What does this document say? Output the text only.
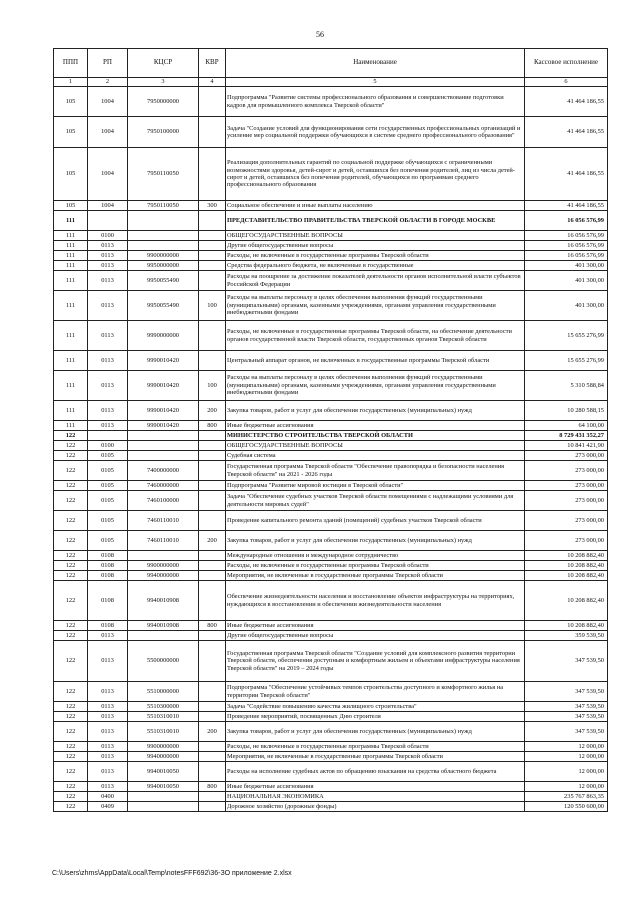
56
ППП	РП	КЦСР	КВР	Наименование	Кассовое исполнение
1	2	3	4	5	6
105	1004	7950000000		Подпрограмма "Развитие системы профессионального образования и совершенствование подготовки кадров для промышленного комплекса Тверской области"	41 464 186,55
105	1004	7950100000		Задача "Создание условий для функционирования сети государственных профессиональных организаций и усиление мер социальной поддержки обучающихся в системе среднего профессионального образования"	41 464 186,55
105	1004	7950110050		Реализация дополнительных гарантий по социальной поддержке обучающихся с ограниченными возможностями здоровья, детей-сирот и детей, оставшихся без попечения родителей, лиц из числа детей-сирот и детей, оставшихся без попечения родителей, обучающихся по программам среднего профессионального образования	41 464 186,55
105	1004	7950110050	300	Социальное обеспечение и иные выплаты населению	41 464 186,55
111				ПРЕДСТАВИТЕЛЬСТВО ПРАВИТЕЛЬСТВА ТВЕРСКОЙ ОБЛАСТИ В ГОРОДЕ МОСКВЕ	16 056 576,99
111	0100			ОБЩЕГОСУДАРСТВЕННЫЕ ВОПРОСЫ	16 056 576,99
111	0113			Другие общегосударственные вопросы	16 056 576,99
111	0113	9900000000		Расходы, не включенные в государственные программы Тверской области	16 056 576,99
111	0113	9950000000		Средства федерального бюджета, не включенные в государственные	401 300,00
111	0113	9950055490		Расходы на поощрение за достижение показателей деятельности органов исполнительной власти субъектов Российской Федерации	401 300,00
111	0113	9950055490	100	Расходы на выплаты персоналу в целях обеспечения выполнения функций государственными (муниципальными) органами, казенными учреждениями, органами управления государственными внебюджетными фондами	401 300,00
111	0113	9990000000		Расходы, не включенные в государственные программы Тверской области, на обеспечение деятельности органов государственной власти Тверской области, государственных органов Тверской области	15 655 276,99
111	0113	9990010420		Центральный аппарат органов, не включенных в государственные программы Тверской области	15 655 276,99
111	0113	9990010420	100	Расходы на выплаты персоналу в целях обеспечения выполнения функций государственными (муниципальными) органами, казенными учреждениями, органами управления государственными внебюджетными фондами	5 310 588,84
111	0113	9990010420	200	Закупка товаров, работ и услуг для обеспечения государственных (муниципальных) нужд	10 280 588,15
111	0113	9990010420	800	Иные бюджетные ассигнования	64 100,00
122				МИНИСТЕРСТВО СТРОИТЕЛЬСТВА ТВЕРСКОЙ ОБЛАСТИ	8 729 431 352,27
122	0100			ОБЩЕГОСУДАРСТВЕННЫЕ ВОПРОСЫ	10 841 421,90
122	0105			Судебная система	273 000,00
122	0105	7400000000		Государственная программа Тверской области "Обеспечение правопорядка и безопасности населения Тверской области" на 2021 - 2026 годы	273 000,00
122	0105	7460000000		Подпрограмма "Развитие мировой юстиции в Тверской области"	273 000,00
122	0105	7460100000		Задача "Обеспечение судебных участков Тверской области помещениями с надлежащими условиями для деятельности мировых судей"	273 000,00
122	0105	7460110010		Проведение капитального ремонта зданий (помещений) судебных участков Тверской области	273 000,00
122	0105	7460110010	200	Закупка товаров, работ и услуг для обеспечения государственных (муниципальных) нужд	273 000,00
122	0108			Международные отношения и международное сотрудничество	10 208 882,40
122	0108	9900000000		Расходы, не включенные в государственные программы Тверской области	10 208 882,40
122	0108	9940000000		Мероприятия, не включенные в государственные программы Тверской области	10 208 882,40
122	0108	9940010908		Обеспечение жизнедеятельности населения и восстановление объектов инфраструктуры на территориях, нуждающихся в восстановлении и обеспечении жизнедеятельности населения	10 208 882,40
122	0108	9940010908	800	Иные бюджетные ассигнования	10 208 882,40
122	0113			Другие общегосударственные вопросы	359 539,50
122	0113	5500000000		Государственная программа Тверской области "Создание условий для комплексного развития территории Тверской области, обеспечения доступным и комфортным жильем и объектами инфраструктуры населения Тверской области" на 2019 – 2024 годы	347 539,50
122	0113	5510000000		Подпрограмма "Обеспечение устойчивых темпов строительства доступного и комфортного жилья на территории Тверской области"	347 539,50
122	0113	5510300000		Задача "Содействие повышению качества жилищного строительства"	347 539,50
122	0113	5510310010		Проведение мероприятий, посвященных Дню строителя	347 539,50
122	0113	5510310010	200	Закупка товаров, работ и услуг для обеспечения государственных (муниципальных) нужд	347 539,50
122	0113	9900000000		Расходы, не включенные в государственные программы Тверской области	12 000,00
122	0113	9940000000		Мероприятия, не включенные в государственные программы Тверской области	12 000,00
122	0113	9940010050		Расходы на исполнение судебных актов по обращению взыскания на средства областного бюджета	12 000,00
122	0113	9940010050	800	Иные бюджетные ассигнования	12 000,00
122	0400			НАЦИОНАЛЬНАЯ ЭКОНОМИКА	235 767 863,35
122	0409			Дорожное хозяйство (дорожные фонды)	120 550 600,00
C:\Users\zhms\AppData\Local\Temp\notesFFF692\36-ЗО приложение 2.xlsx
